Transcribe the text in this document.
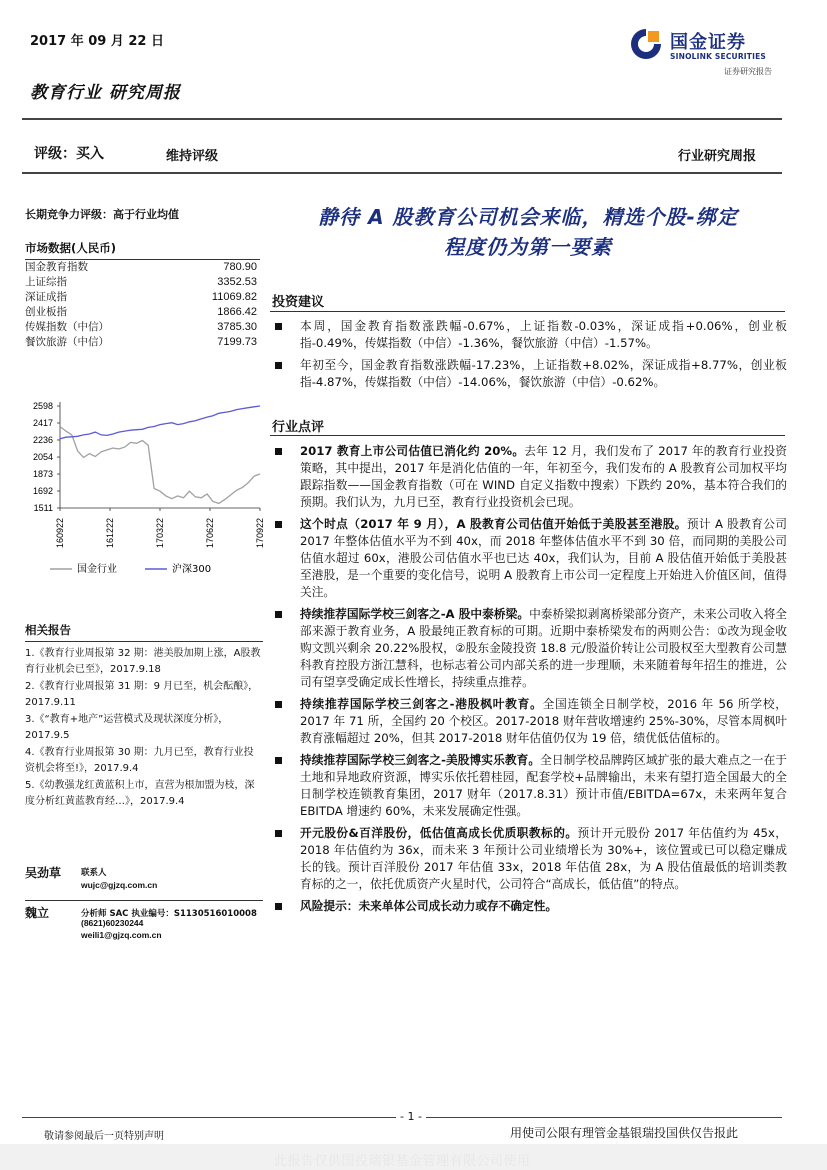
2017 年 09 月 22 日
教育行业 研究周报
国金证券
SINOLINK SECURITIES
证券研究报告
评级：买入	维持评级	行业研究周报
长期竞争力评级：高于行业均值
市场数据(人民币)
国金教育指数	780.90
上证综指	3352.53
深证成指	11069.82
创业板指	1866.42
传媒指数（中信）	3785.30
餐饮旅游（中信）	7199.73
2598
2417
2236
2054
1873
1692
1511
160922	161222	170322	170622	170922
国金行业	沪深300
相关报告
1.《教育行业周报第 32 期：港美股加期上涨，A股教育行业机会已至》，2017.9.18
2.《教育行业周报第 31 期：9 月已至，机会酝酿》，2017.9.11
3.《“教育+地产”运营模式及现状深度分析》，2017.9.5
4.《教育行业周报第 30 期：九月已至，教育行业投资机会将至!》，2017.9.4
5.《幼教强龙红黄蓝积上市，直营为根加盟为枝，深度分析红黄蓝教育经…》，2017.9.4
吴劲草 联系人
wujc@gjzq.com.cn
魏立	分析师 SAC 执业编号：S1130516010008
(8621)60230244
weili1@gjzq.com.cn
静待 A 股教育公司机会来临，精选个股-绑定
程度仍为第一要素
投资建议
本周，国金教育指数涨跌幅-0.67%，上证指数-0.03%，深证成指+0.06%，创业板指-0.49%，传媒指数（中信）-1.36%，餐饮旅游（中信）-1.57%。
年初至今，国金教育指数涨跌幅-17.23%，上证指数+8.02%，深证成指+8.77%，创业板指-4.87%，传媒指数（中信）-14.06%，餐饮旅游（中信）-0.62%。
行业点评
2017 教育上市公司估值已消化约 20%。去年 12 月，我们发布了 2017 年的教育行业投资策略，其中提出，2017 年是消化估值的一年，年初至今，我们发布的 A 股教育公司加权平均跟踪指数——国金教育指数（可在 WIND 自定义指数中搜索）下跌约 20%，基本符合我们的预期。我们认为，九月已至，教育行业投资机会已现。
这个时点（2017 年 9 月），A 股教育公司估值开始低于美股甚至港股。预计 A 股教育公司 2017 年整体估值水平为不到 40x，而 2018 年整体估值水平不到 30 倍，而同期的美股公司估值水超过 60x，港股公司估值水平也已达 40x，我们认为，目前 A 股估值开始低于美股甚至港股，是一个重要的变化信号，说明 A 股教育上市公司一定程度上开始进入价值区间，值得关注。
持续推荐国际学校三剑客之-A 股中泰桥梁。中泰桥梁拟剥离桥梁部分资产，未来公司收入将全部来源于教育业务，A 股最纯正教育标的可期。近期中泰桥梁发布的两则公告：①改为现金收购文凯兴剩余 20.22%股权，②股东金陵投资 18.8 元/股溢价转让公司股权至大型教育公司慧科教育控股方浙江慧科，也标志着公司内部关系的进一步理顺，未来随着每年招生的推进，公司有望享受确定成长性增长，持续重点推荐。
持续推荐国际学校三剑客之-港股枫叶教育。全国连锁全日制学校，2016 年 56 所学校，2017 年 71 所，全国约 20 个校区。2017-2018 财年营收增速约 25%-30%，尽管本周枫叶教育涨幅超过 20%，但其 2017-2018 财年估值仍仅为 19 倍，绩优低估值标的。
持续推荐国际学校三剑客之-美股博实乐教育。全日制学校品牌跨区域扩张的最大难点之一在于土地和异地政府资源，博实乐依托碧桂园，配套学校+品牌输出，未来有望打造全国最大的全日制学校连锁教育集团，2017 财年（2017.8.31）预计市值/EBITDA=67x，未来两年复合 EBITDA 增速约 60%，未来发展确定性强。
开元股份&百洋股份，低估值高成长优质职教标的。预计开元股份 2017 年估值约为 45x，2018 年估值约为 36x，而未来 3 年预计公司业绩增长为 30%+，该位置或已可以稳定赚成长的钱。预计百洋股份 2017 年估值 33x，2018 年估值 28x，为 A 股估值最低的培训类教育标的之一，依托优质资产火星时代，公司符合“高成长，低估值”的特点。
风险提示：未来单体公司成长动力或存不确定性。
- 1 -
敬请参阅最后一页特别声明	用使司公限有理管金基银瑞投国供仅告报此
此报告仅供国投瑞银基金管理有限公司使用
